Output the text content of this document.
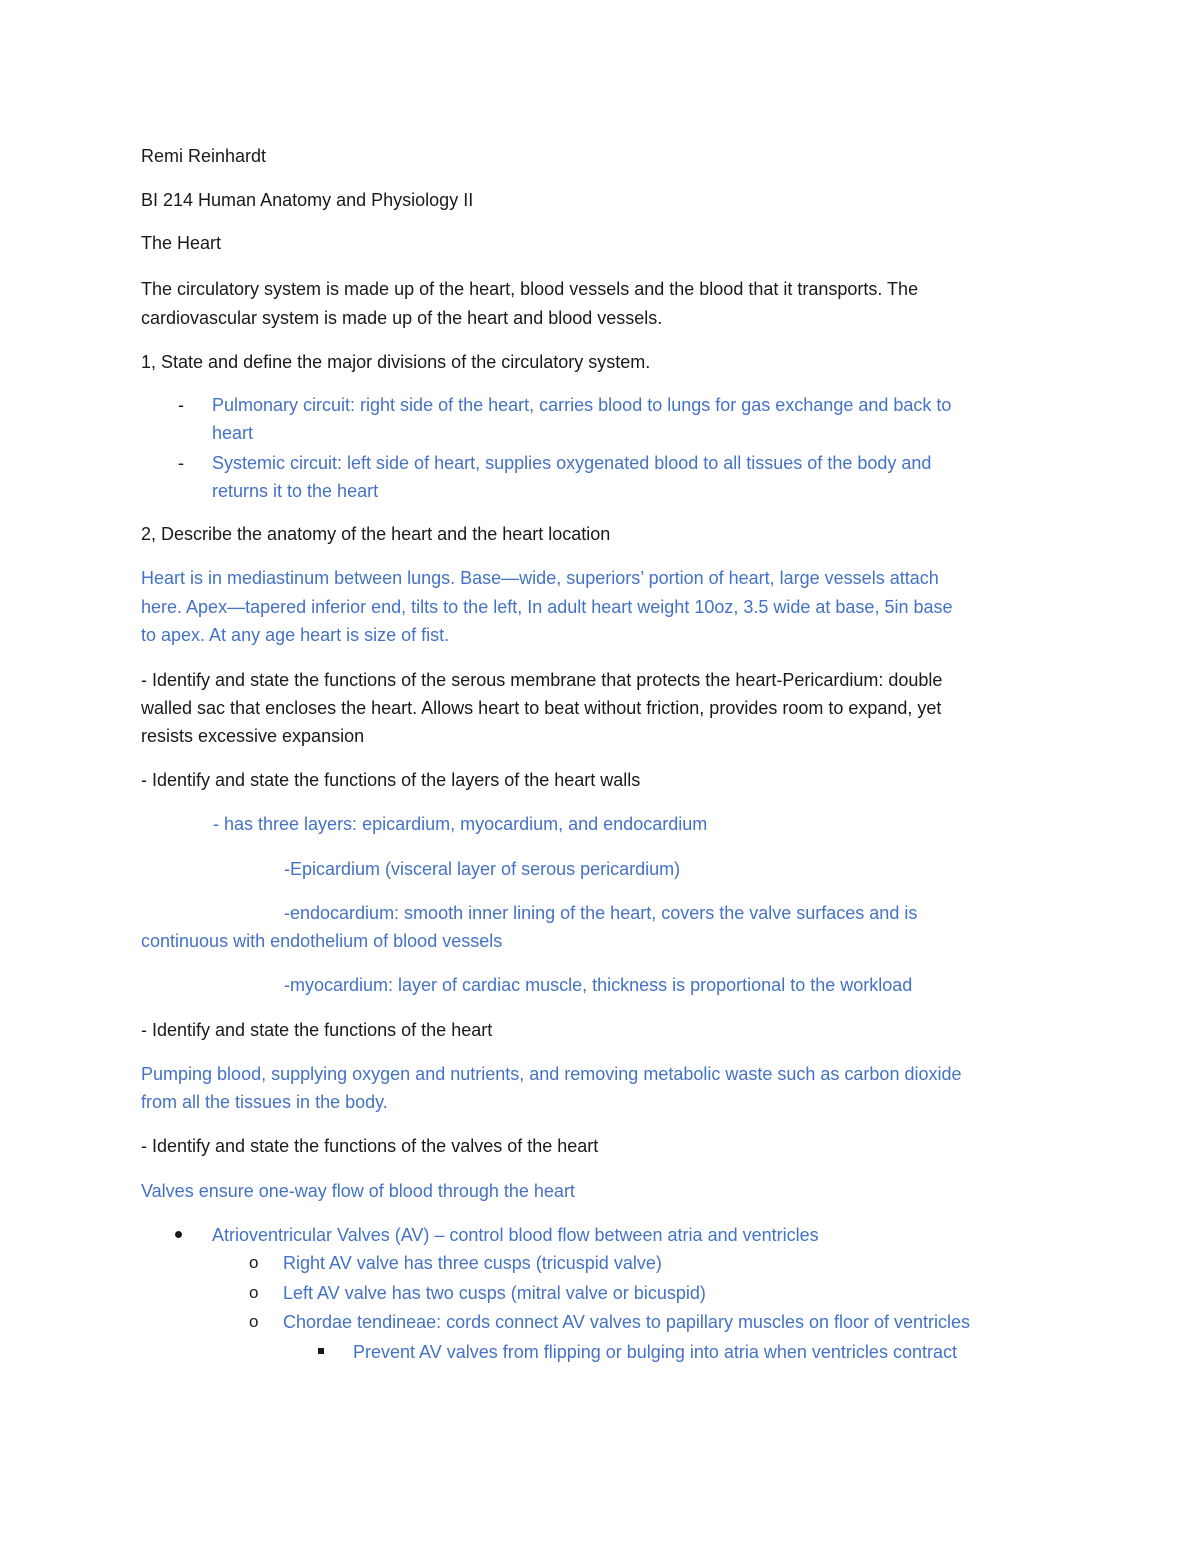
Remi Reinhardt
BI 214 Human Anatomy and Physiology II
The Heart
The circulatory system is made up of the heart, blood vessels and the blood that it transports. The
cardiovascular system is made up of the heart and blood vessels.
1, State and define the major divisions of the circulatory system.
- Pulmonary circuit: right side of the heart, carries blood to lungs for gas exchange and back to
heart
- Systemic circuit: left side of heart, supplies oxygenated blood to all tissues of the body and
returns it to the heart
2, Describe the anatomy of the heart and the heart location
Heart is in mediastinum between lungs. Base—wide, superiors’ portion of heart, large vessels attach
here. Apex—tapered inferior end, tilts to the left, In adult heart weight 10oz, 3.5 wide at base, 5in base
to apex. At any age heart is size of fist.
- Identify and state the functions of the serous membrane that protects the heart-Pericardium: double
walled sac that encloses the heart. Allows heart to beat without friction, provides room to expand, yet
resists excessive expansion
- Identify and state the functions of the layers of the heart walls
- has three layers: epicardium, myocardium, and endocardium
-Epicardium (visceral layer of serous pericardium)
-endocardium: smooth inner lining of the heart, covers the valve surfaces and is
continuous with endothelium of blood vessels
-myocardium: layer of cardiac muscle, thickness is proportional to the workload
- Identify and state the functions of the heart
Pumping blood, supplying oxygen and nutrients, and removing metabolic waste such as carbon dioxide
from all the tissues in the body.
- Identify and state the functions of the valves of the heart
Valves ensure one-way flow of blood through the heart
Atrioventricular Valves (AV) – control blood flow between atria and ventricles
o Right AV valve has three cusps (tricuspid valve)
o Left AV valve has two cusps (mitral valve or bicuspid)
o Chordae tendineae: cords connect AV valves to papillary muscles on floor of ventricles
Prevent AV valves from flipping or bulging into atria when ventricles contract
